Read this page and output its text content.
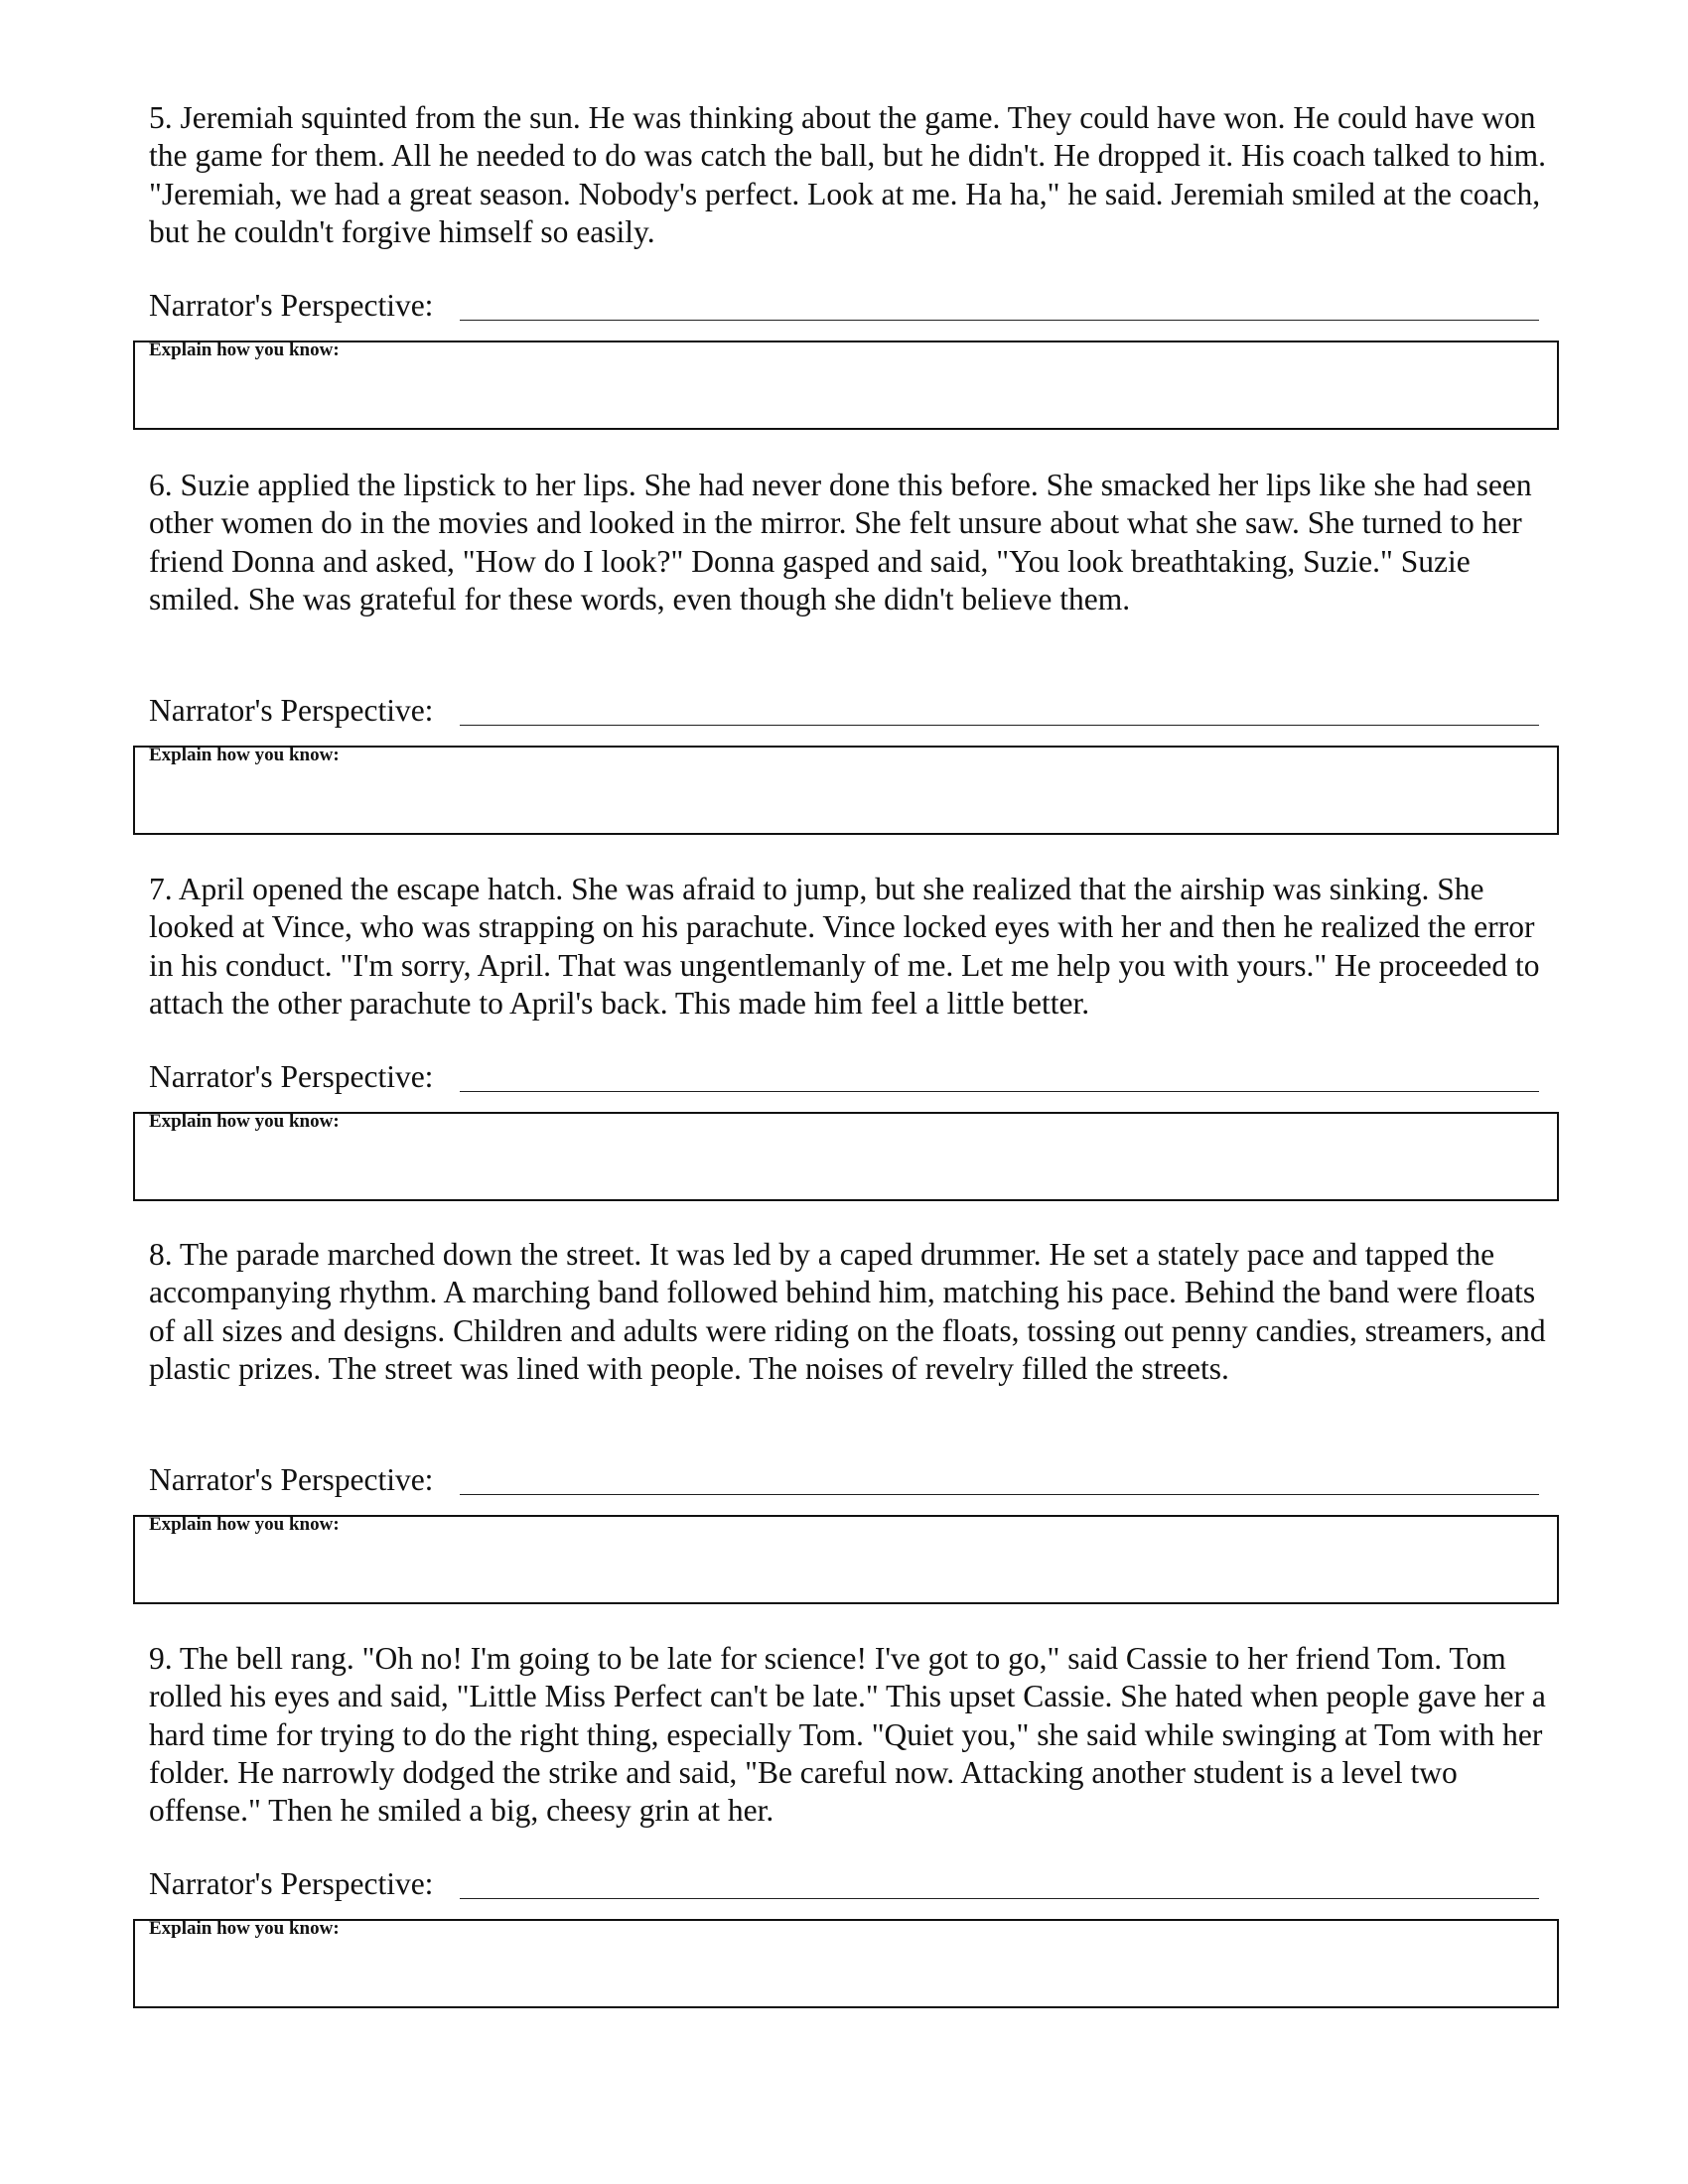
5. Jeremiah squinted from the sun. He was thinking about the game. They could have won. He could have won the game for them. All he needed to do was catch the ball, but he didn't. He dropped it. His coach talked to him. "Jeremiah, we had a great season. Nobody's perfect. Look at me. Ha ha," he said. Jeremiah smiled at the coach, but he couldn't forgive himself so easily.

Narrator's Perspective:
Explain how you know:

6. Suzie applied the lipstick to her lips. She had never done this before. She smacked her lips like she had seen other women do in the movies and looked in the mirror. She felt unsure about what she saw. She turned to her friend Donna and asked, "How do I look?" Donna gasped and said, "You look breathtaking, Suzie." Suzie smiled. She was grateful for these words, even though she didn't believe them.

Narrator's Perspective:
Explain how you know:

7. April opened the escape hatch. She was afraid to jump, but she realized that the airship was sinking. She looked at Vince, who was strapping on his parachute. Vince locked eyes with her and then he realized the error in his conduct. "I'm sorry, April. That was ungentlemanly of me. Let me help you with yours." He proceeded to attach the other parachute to April's back. This made him feel a little better.

Narrator's Perspective:
Explain how you know:

8. The parade marched down the street. It was led by a caped drummer. He set a stately pace and tapped the accompanying rhythm. A marching band followed behind him, matching his pace. Behind the band were floats of all sizes and designs. Children and adults were riding on the floats, tossing out penny candies, streamers, and plastic prizes. The street was lined with people. The noises of revelry filled the streets.

Narrator's Perspective:
Explain how you know:

9. The bell rang. "Oh no! I'm going to be late for science! I've got to go," said Cassie to her friend Tom. Tom rolled his eyes and said, "Little Miss Perfect can't be late." This upset Cassie. She hated when people gave her a hard time for trying to do the right thing, especially Tom. "Quiet you," she said while swinging at Tom with her folder. He narrowly dodged the strike and said, "Be careful now. Attacking another student is a level two offense." Then he smiled a big, cheesy grin at her.

Narrator's Perspective:
Explain how you know:
